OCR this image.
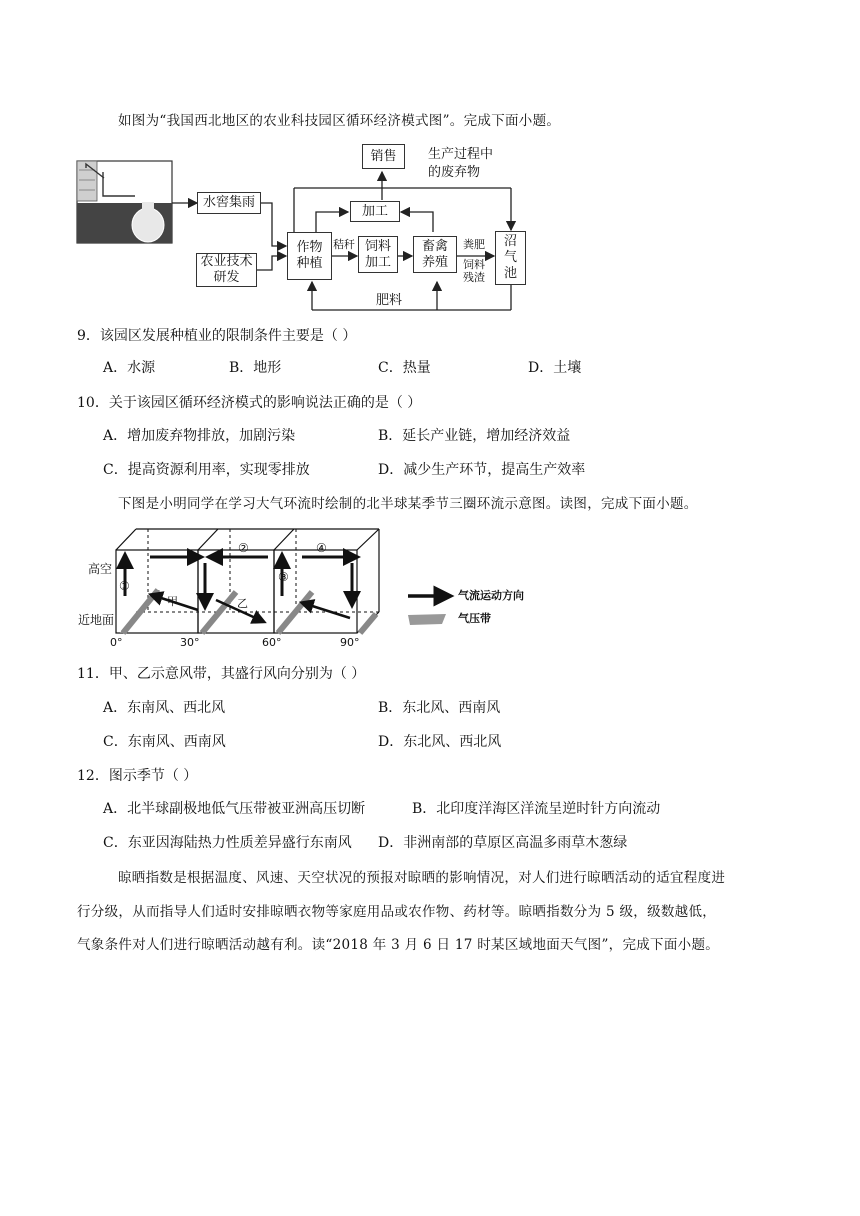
如图为“我国西北地区的农业科技园区循环经济模式图”。完成下面小题。
销售 生产过程中
的废弃物
水窖集雨
农业技术
研发
加工
作物
种植
秸秆 饲料
加工
畜禽
养殖
粪肥
饲料
残渣
沼
气
池
肥料
9．该园区发展种植业的限制条件主要是（ ）
A．水源	B．地形	C．热量	D．土壤
10．关于该园区循环经济模式的影响说法正确的是（ ）
A．增加废弃物排放，加剧污染	B．延长产业链，增加经济效益
C．提高资源利用率，实现零排放	D．减少生产环节，提高生产效率
下图是小明同学在学习大气环流时绘制的北半球某季节三圈环流示意图。读图，完成下面小题。
高空
近地面
①
②
③
④
甲	乙
0°	30°	60°	90°
气流运动方向
气压带
11．甲、乙示意风带，其盛行风向分别为（ ）
A．东南风、西北风	B．东北风、西南风
C．东南风、西南风	D．东北风、西北风
12．图示季节（ ）
A．北半球副极地低气压带被亚洲高压切断	B．北印度洋海区洋流呈逆时针方向流动
C．东亚因海陆热力性质差异盛行东南风 D．非洲南部的草原区高温多雨草木葱绿
晾晒指数是根据温度、风速、天空状况的预报对晾晒的影响情况，对人们进行晾晒活动的适宜程度进
行分级，从而指导人们适时安排晾晒衣物等家庭用品或农作物、药材等。晾晒指数分为 5 级，级数越低，
气象条件对人们进行晾晒活动越有利。读“2018 年 3 月 6 日 17 时某区域地面天气图”，完成下面小题。
